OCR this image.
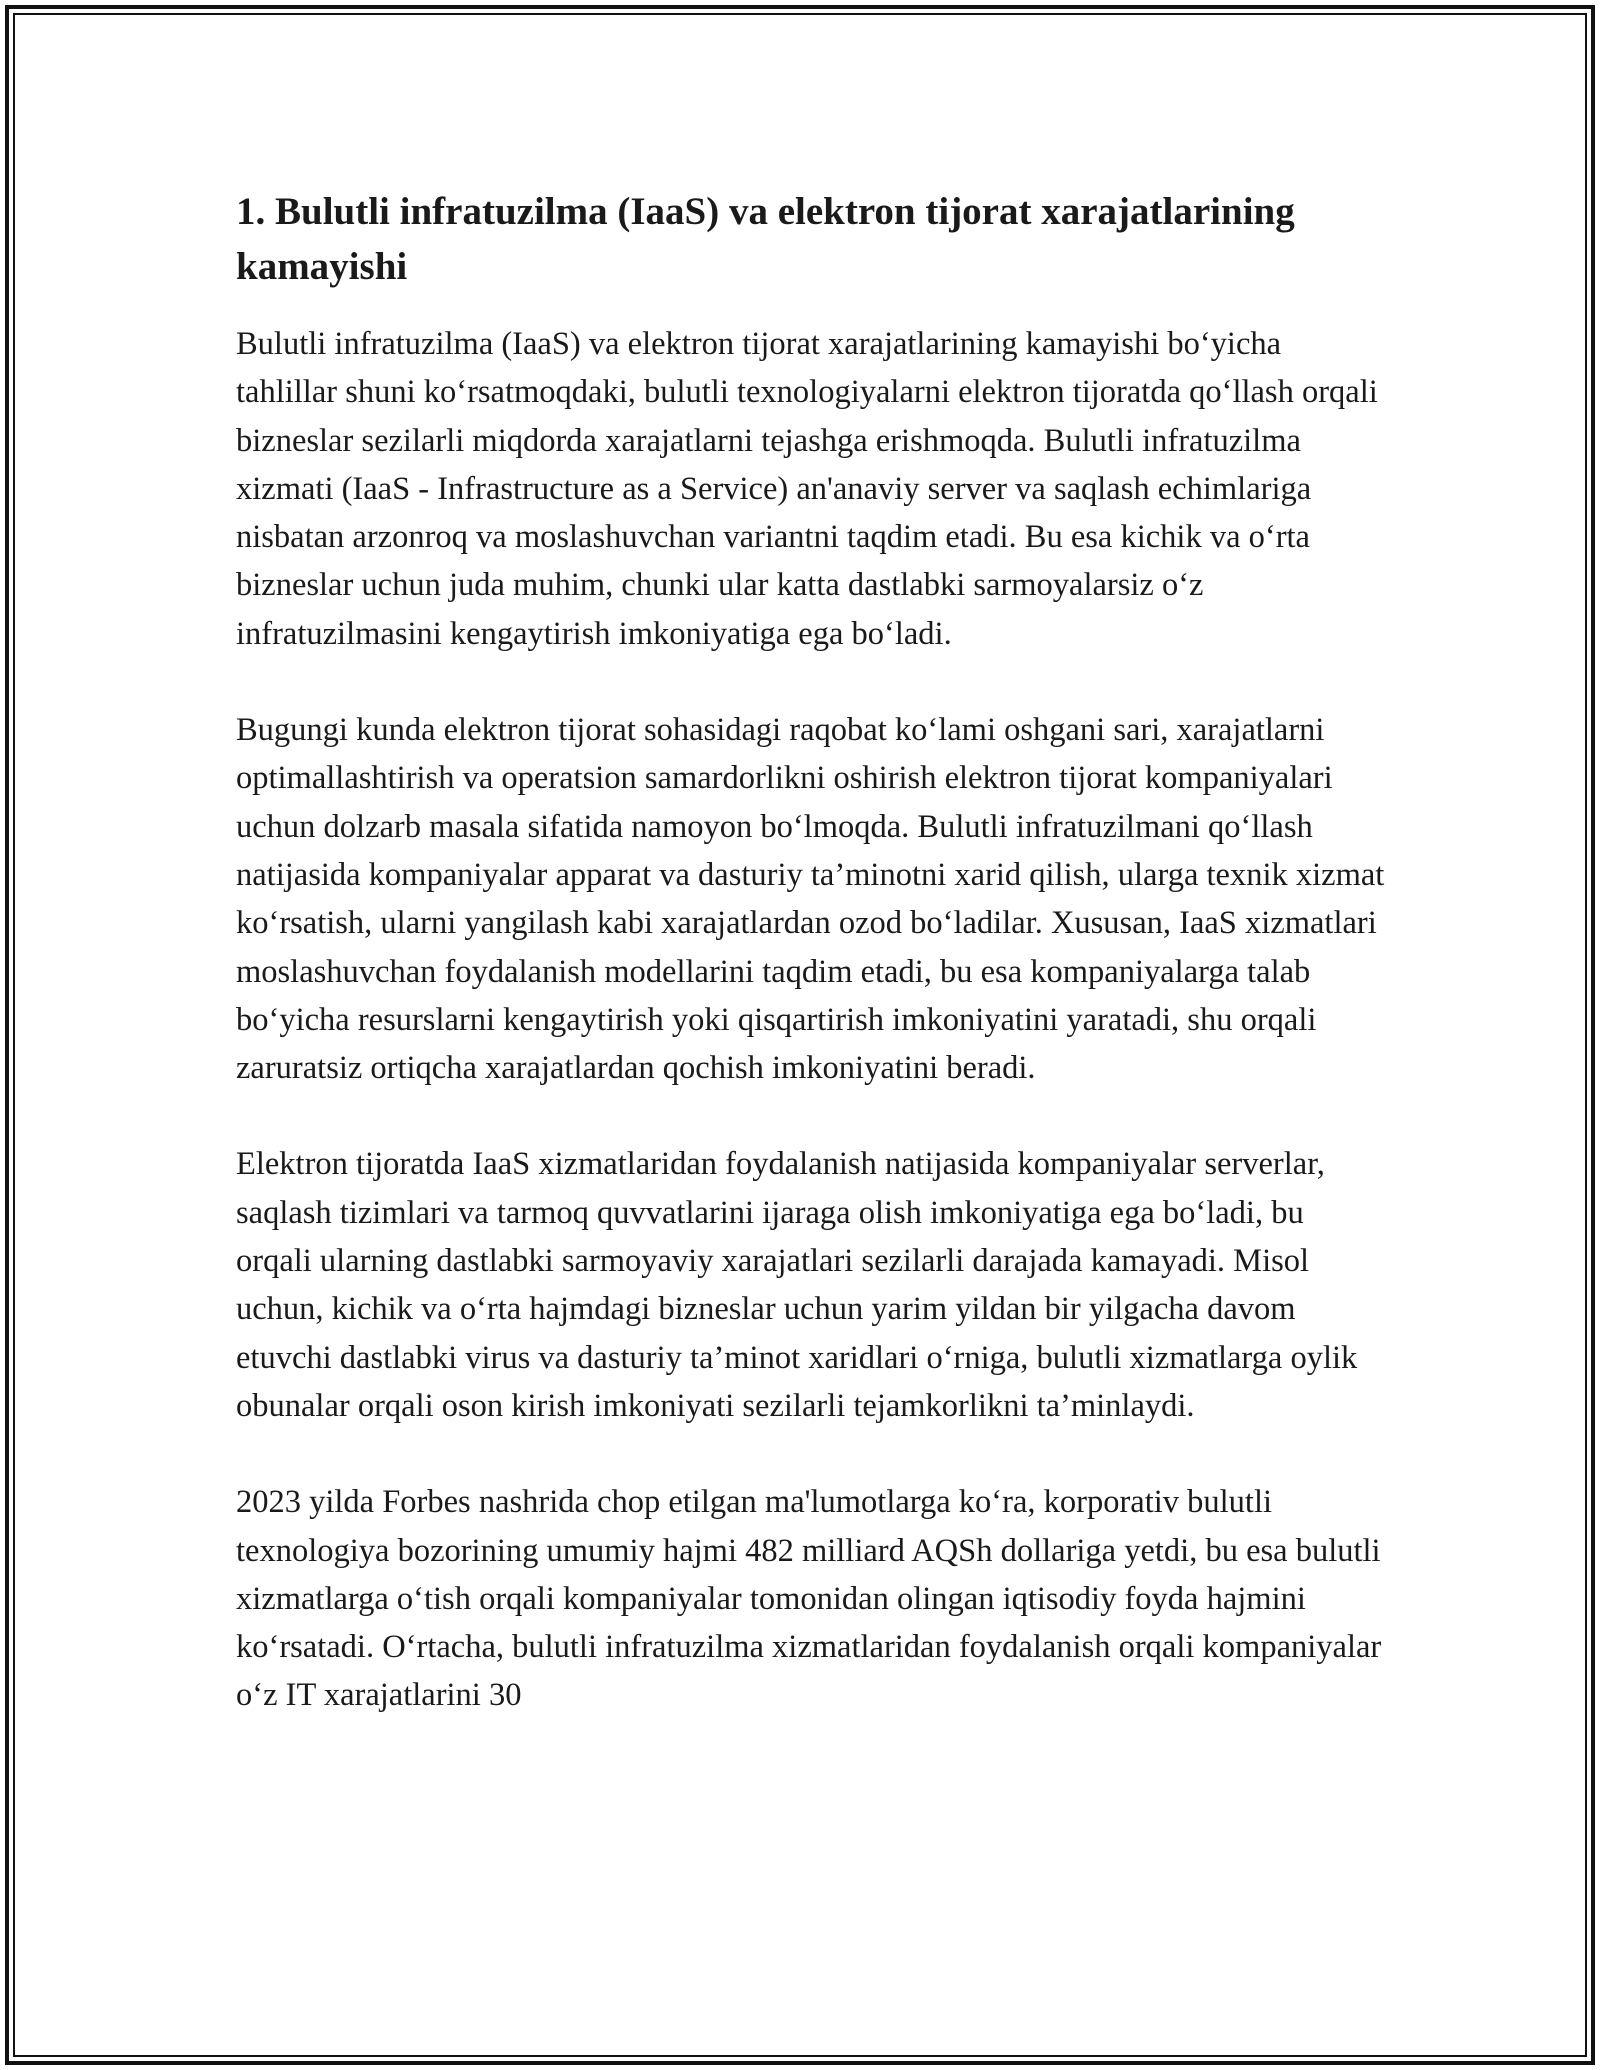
1. Bulutli infratuzilma (IaaS) va elektron tijorat xarajatlarining kamayishi

Bulutli infratuzilma (IaaS) va elektron tijorat xarajatlarining kamayishi bo‘yicha tahlillar shuni ko‘rsatmoqdaki, bulutli texnologiyalarni elektron tijoratda qo‘llash orqali bizneslar sezilarli miqdorda xarajatlarni tejashga erishmoqda. Bulutli infratuzilma xizmati (IaaS - Infrastructure as a Service) an'anaviy server va saqlash echimlariga nisbatan arzonroq va moslashuvchan variantni taqdim etadi. Bu esa kichik va o‘rta bizneslar uchun juda muhim, chunki ular katta dastlabki sarmoyalarsiz o‘z infratuzilmasini kengaytirish imkoniyatiga ega bo‘ladi.

Bugungi kunda elektron tijorat sohasidagi raqobat ko‘lami oshgani sari, xarajatlarni optimallashtirish va operatsion samardorlikni oshirish elektron tijorat kompaniyalari uchun dolzarb masala sifatida namoyon bo‘lmoqda. Bulutli infratuzilmani qo‘llash natijasida kompaniyalar apparat va dasturiy ta’minotni xarid qilish, ularga texnik xizmat ko‘rsatish, ularni yangilash kabi xarajatlardan ozod bo‘ladilar. Xususan, IaaS xizmatlari moslashuvchan foydalanish modellarini taqdim etadi, bu esa kompaniyalarga talab bo‘yicha resurslarni kengaytirish yoki qisqartirish imkoniyatini yaratadi, shu orqali zaruratsiz ortiqcha xarajatlardan qochish imkoniyatini beradi.

Elektron tijoratda IaaS xizmatlaridan foydalanish natijasida kompaniyalar serverlar, saqlash tizimlari va tarmoq quvvatlarini ijaraga olish imkoniyatiga ega bo‘ladi, bu orqali ularning dastlabki sarmoyaviy xarajatlari sezilarli darajada kamayadi. Misol uchun, kichik va o‘rta hajmdagi bizneslar uchun yarim yildan bir yilgacha davom etuvchi dastlabki virus va dasturiy ta’minot xaridlari o‘rniga, bulutli xizmatlarga oylik obunalar orqali oson kirish imkoniyati sezilarli tejamkorlikni ta’minlaydi.

2023 yilda Forbes nashrida chop etilgan ma'lumotlarga ko‘ra, korporativ bulutli texnologiya bozorining umumiy hajmi 482 milliard AQSh dollariga yetdi, bu esa bulutli xizmatlarga o‘tish orqali kompaniyalar tomonidan olingan iqtisodiy foyda hajmini ko‘rsatadi. O‘rtacha, bulutli infratuzilma xizmatlaridan foydalanish orqali kompaniyalar o‘z IT xarajatlarini 30
